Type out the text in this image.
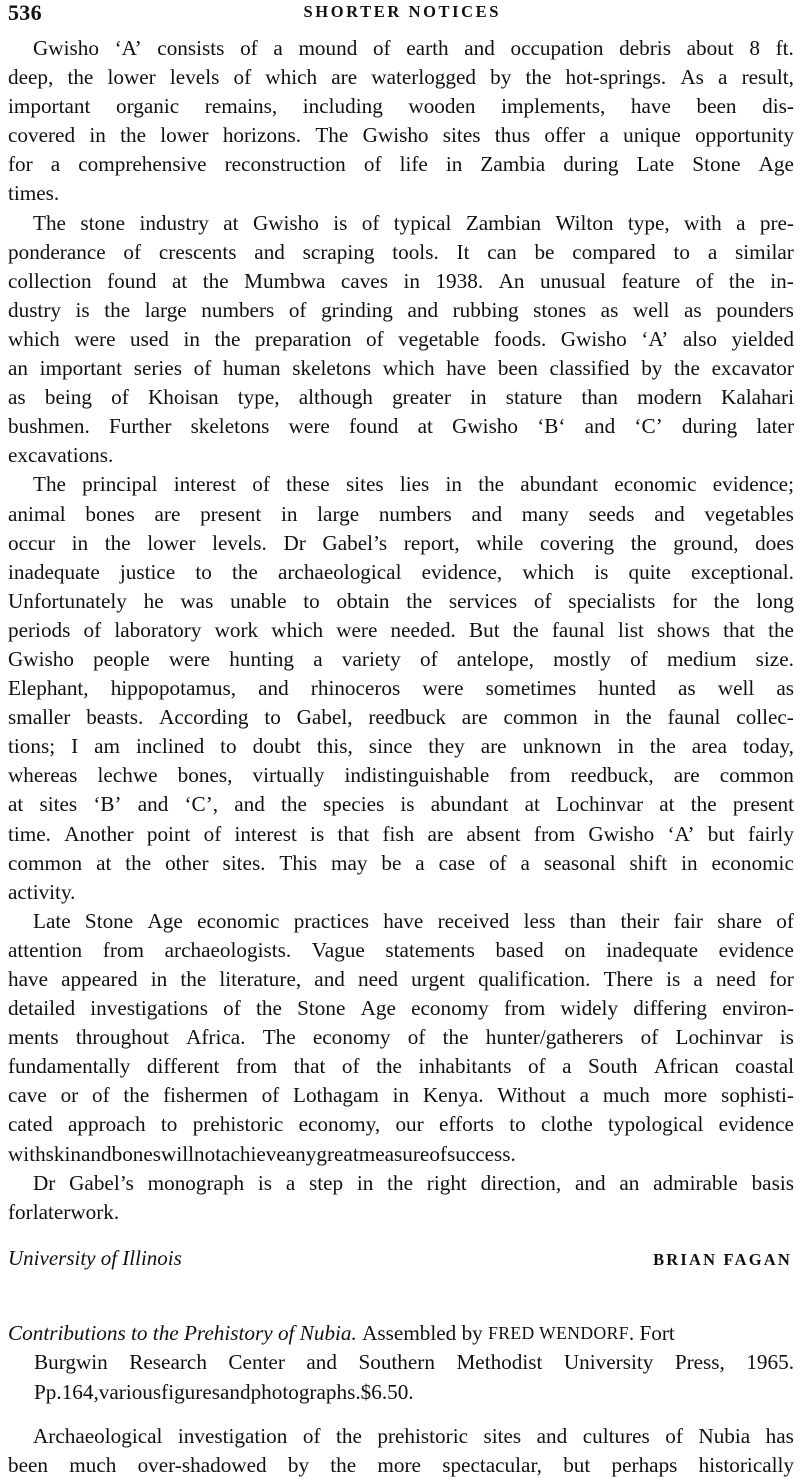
536	SHORTER NOTICES
Gwisho ‘A’ consists of a mound of earth and occupation debris about 8 ft.
deep, the lower levels of which are waterlogged by the hot-springs. As a result,
important organic remains, including wooden implements, have been dis-
covered in the lower horizons. The Gwisho sites thus offer a unique opportunity
for a comprehensive reconstruction of life in Zambia during Late Stone Age
times.
The stone industry at Gwisho is of typical Zambian Wilton type, with a pre-
ponderance of crescents and scraping tools. It can be compared to a similar
collection found at the Mumbwa caves in 1938. An unusual feature of the in-
dustry is the large numbers of grinding and rubbing stones as well as pounders
which were used in the preparation of vegetable foods. Gwisho ‘A’ also yielded
an important series of human skeletons which have been classified by the excavator
as being of Khoisan type, although greater in stature than modern Kalahari
bushmen. Further skeletons were found at Gwisho ‘B‘ and ‘C’ during later
excavations.
The principal interest of these sites lies in the abundant economic evidence;
animal bones are present in large numbers and many seeds and vegetables
occur in the lower levels. Dr Gabel’s report, while covering the ground, does
inadequate justice to the archaeological evidence, which is quite exceptional.
Unfortunately he was unable to obtain the services of specialists for the long
periods of laboratory work which were needed. But the faunal list shows that the
Gwisho people were hunting a variety of antelope, mostly of medium size.
Elephant, hippopotamus, and rhinoceros were sometimes hunted as well as
smaller beasts. According to Gabel, reedbuck are common in the faunal collec-
tions; I am inclined to doubt this, since they are unknown in the area today,
whereas lechwe bones, virtually indistinguishable from reedbuck, are common
at sites ‘B’ and ‘C’, and the species is abundant at Lochinvar at the present
time. Another point of interest is that fish are absent from Gwisho ‘A’ but fairly
common at the other sites. This may be a case of a seasonal shift in economic
activity.
Late Stone Age economic practices have received less than their fair share of
attention from archaeologists. Vague statements based on inadequate evidence
have appeared in the literature, and need urgent qualification. There is a need for
detailed investigations of the Stone Age economy from widely differing environ-
ments throughout Africa. The economy of the hunter/gatherers of Lochinvar is
fundamentally different from that of the inhabitants of a South African coastal
cave or of the fishermen of Lothagam in Kenya. Without a much more sophisti-
cated approach to prehistoric economy, our efforts to clothe typological evidence
with skin and bones will not achieve any great measure of success.
Dr Gabel’s monograph is a step in the right direction, and an admirable basis
for later work.
University of Illinois	BRIAN FAGAN
Contributions to the Prehistory of Nubia.
Assembled by
FRED WENDORF . Fort
Burgwin Research Center and Southern Methodist University Press, 1965.
Pp. 164, various figures and photographs. $6.50.
Archaeological investigation of the prehistoric sites and cultures of Nubia has
been much over-shadowed by the more spectacular, but perhaps historically
